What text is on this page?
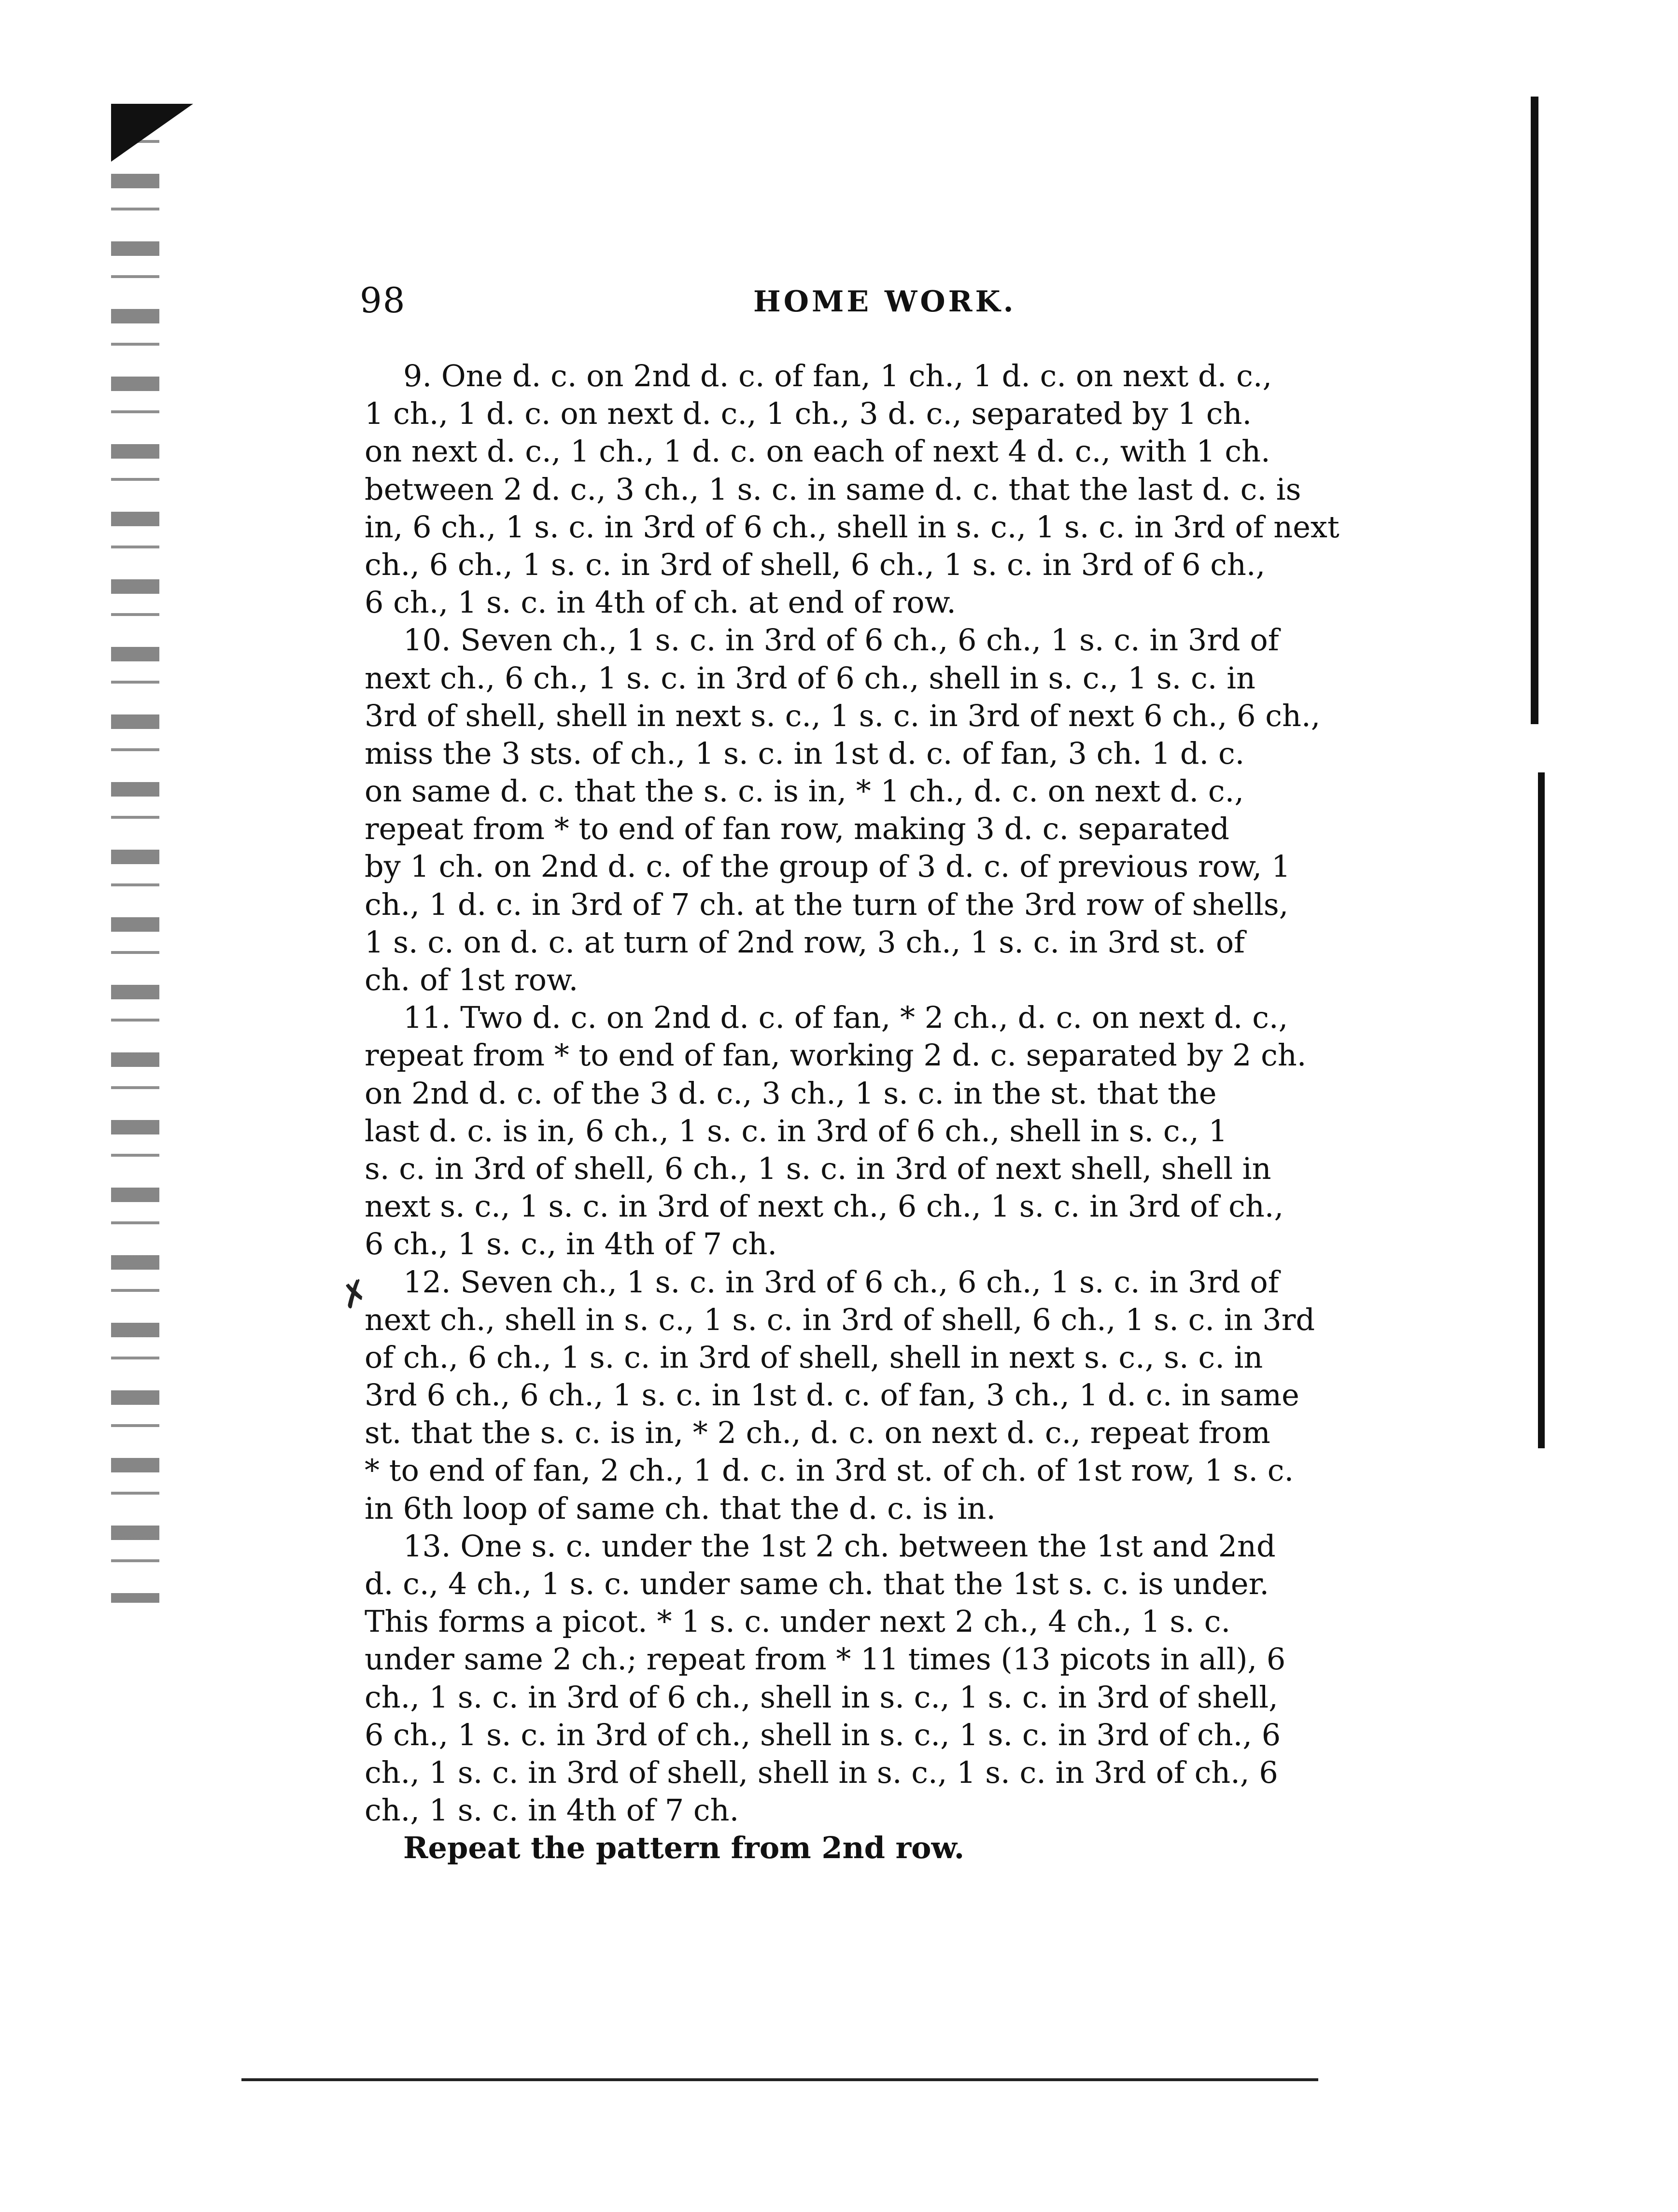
98	HOME WORK.
✗
9. One d. c. on 2nd d. c. of fan, 1 ch., 1 d. c. on next d. c.,
1 ch., 1 d. c. on next d. c., 1 ch., 3 d. c., separated by 1 ch.
on next d. c., 1 ch., 1 d. c. on each of next 4 d. c., with 1 ch.
between 2 d. c., 3 ch., 1 s. c. in same d. c. that the last d. c. is
in, 6 ch., 1 s. c. in 3rd of 6 ch., shell in s. c., 1 s. c. in 3rd of next
ch., 6 ch., 1 s. c. in 3rd of shell, 6 ch., 1 s. c. in 3rd of 6 ch.,
6 ch., 1 s. c. in 4th of ch. at end of row.
10. Seven ch., 1 s. c. in 3rd of 6 ch., 6 ch., 1 s. c. in 3rd of
next ch., 6 ch., 1 s. c. in 3rd of 6 ch., shell in s. c., 1 s. c. in
3rd of shell, shell in next s. c., 1 s. c. in 3rd of next 6 ch., 6 ch.,
miss the 3 sts. of ch., 1 s. c. in 1st d. c. of fan, 3 ch. 1 d. c.
on same d. c. that the s. c. is in, * 1 ch., d. c. on next d. c.,
repeat from * to end of fan row, making 3 d. c. separated
by 1 ch. on 2nd d. c. of the group of 3 d. c. of previous row, 1
ch., 1 d. c. in 3rd of 7 ch. at the turn of the 3rd row of shells,
1 s. c. on d. c. at turn of 2nd row, 3 ch., 1 s. c. in 3rd st. of
ch. of 1st row.
11. Two d. c. on 2nd d. c. of fan, * 2 ch., d. c. on next d. c.,
repeat from * to end of fan, working 2 d. c. separated by 2 ch.
on 2nd d. c. of the 3 d. c., 3 ch., 1 s. c. in the st. that the
last d. c. is in, 6 ch., 1 s. c. in 3rd of 6 ch., shell in s. c., 1
s. c. in 3rd of shell, 6 ch., 1 s. c. in 3rd of next shell, shell in
next s. c., 1 s. c. in 3rd of next ch., 6 ch., 1 s. c. in 3rd of ch.,
6 ch., 1 s. c., in 4th of 7 ch.
12. Seven ch., 1 s. c. in 3rd of 6 ch., 6 ch., 1 s. c. in 3rd of
next ch., shell in s. c., 1 s. c. in 3rd of shell, 6 ch., 1 s. c. in 3rd
of ch., 6 ch., 1 s. c. in 3rd of shell, shell in next s. c., s. c. in
3rd 6 ch., 6 ch., 1 s. c. in 1st d. c. of fan, 3 ch., 1 d. c. in same
st. that the s. c. is in, * 2 ch., d. c. on next d. c., repeat from
* to end of fan, 2 ch., 1 d. c. in 3rd st. of ch. of 1st row, 1 s. c.
in 6th loop of same ch. that the d. c. is in.
13. One s. c. under the 1st 2 ch. between the 1st and 2nd
d. c., 4 ch., 1 s. c. under same ch. that the 1st s. c. is under.
This forms a picot. * 1 s. c. under next 2 ch., 4 ch., 1 s. c.
under same 2 ch.; repeat from * 11 times (13 picots in all), 6
ch., 1 s. c. in 3rd of 6 ch., shell in s. c., 1 s. c. in 3rd of shell,
6 ch., 1 s. c. in 3rd of ch., shell in s. c., 1 s. c. in 3rd of ch., 6
ch., 1 s. c. in 3rd of shell, shell in s. c., 1 s. c. in 3rd of ch., 6
ch., 1 s. c. in 4th of 7 ch.
Repeat the pattern from 2nd row.
